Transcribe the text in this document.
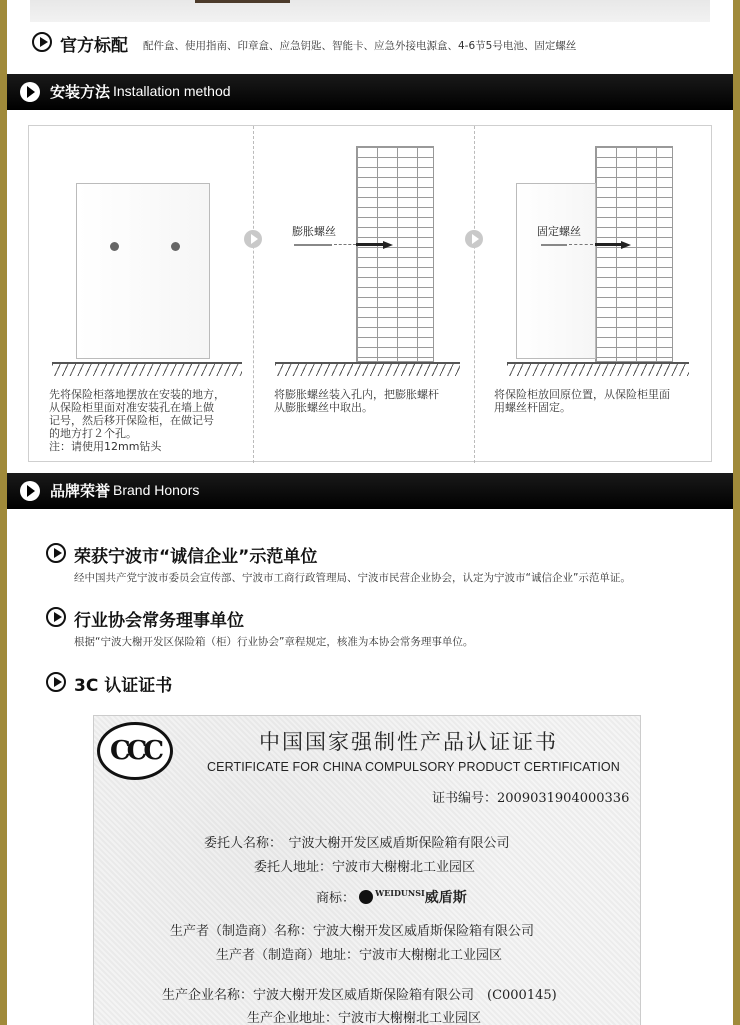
官方标配 配件盒、使用指南、印章盒、应急钥匙、智能卡、应急外接电源盒、4-6节5号电池、固定螺丝
安装方法 Installation method
先将保险柜落地摆放在安装的地方，
从保险柜里面对准安装孔在墙上做
记号，然后移开保险柜，在做记号
的地方打２个孔。
注：请使用12mm钻头
膨胀螺丝
将膨胀螺丝装入孔内，把膨胀螺杆
从膨胀螺丝中取出。
固定螺丝
将保险柜放回原位置，从保险柜里面
用螺丝杆固定。
品牌荣誉 Brand Honors
荣获宁波市“诚信企业”示范单位
经中国共产党宁波市委员会宣传部、宁波市工商行政管理局、宁波市民营企业协会，认定为宁波市“诚信企业”示范单证。
行业协会常务理事单位
根据“宁波大榭开发区保险箱（柜）行业协会”章程规定，核准为本协会常务理事单位。
3C 认证证书
CCC	中国国家强制性产品认证证书
CERTIFICATE FOR CHINA COMPULSORY PRODUCT CERTIFICATION
证书编号：2009031904000336
委托人名称：　宁波大榭开发区威盾斯保险箱有限公司
委托人地址：宁波市大榭榭北工业园区
商标：	$^{WEIDUNSI}$威盾斯
生产者（制造商）名称：宁波大榭开发区威盾斯保险箱有限公司
生产者（制造商）地址：宁波市大榭榭北工业园区
生产企业名称：宁波大榭开发区威盾斯保险箱有限公司　(C000145)
生产企业地址：宁波市大榭榭北工业园区
